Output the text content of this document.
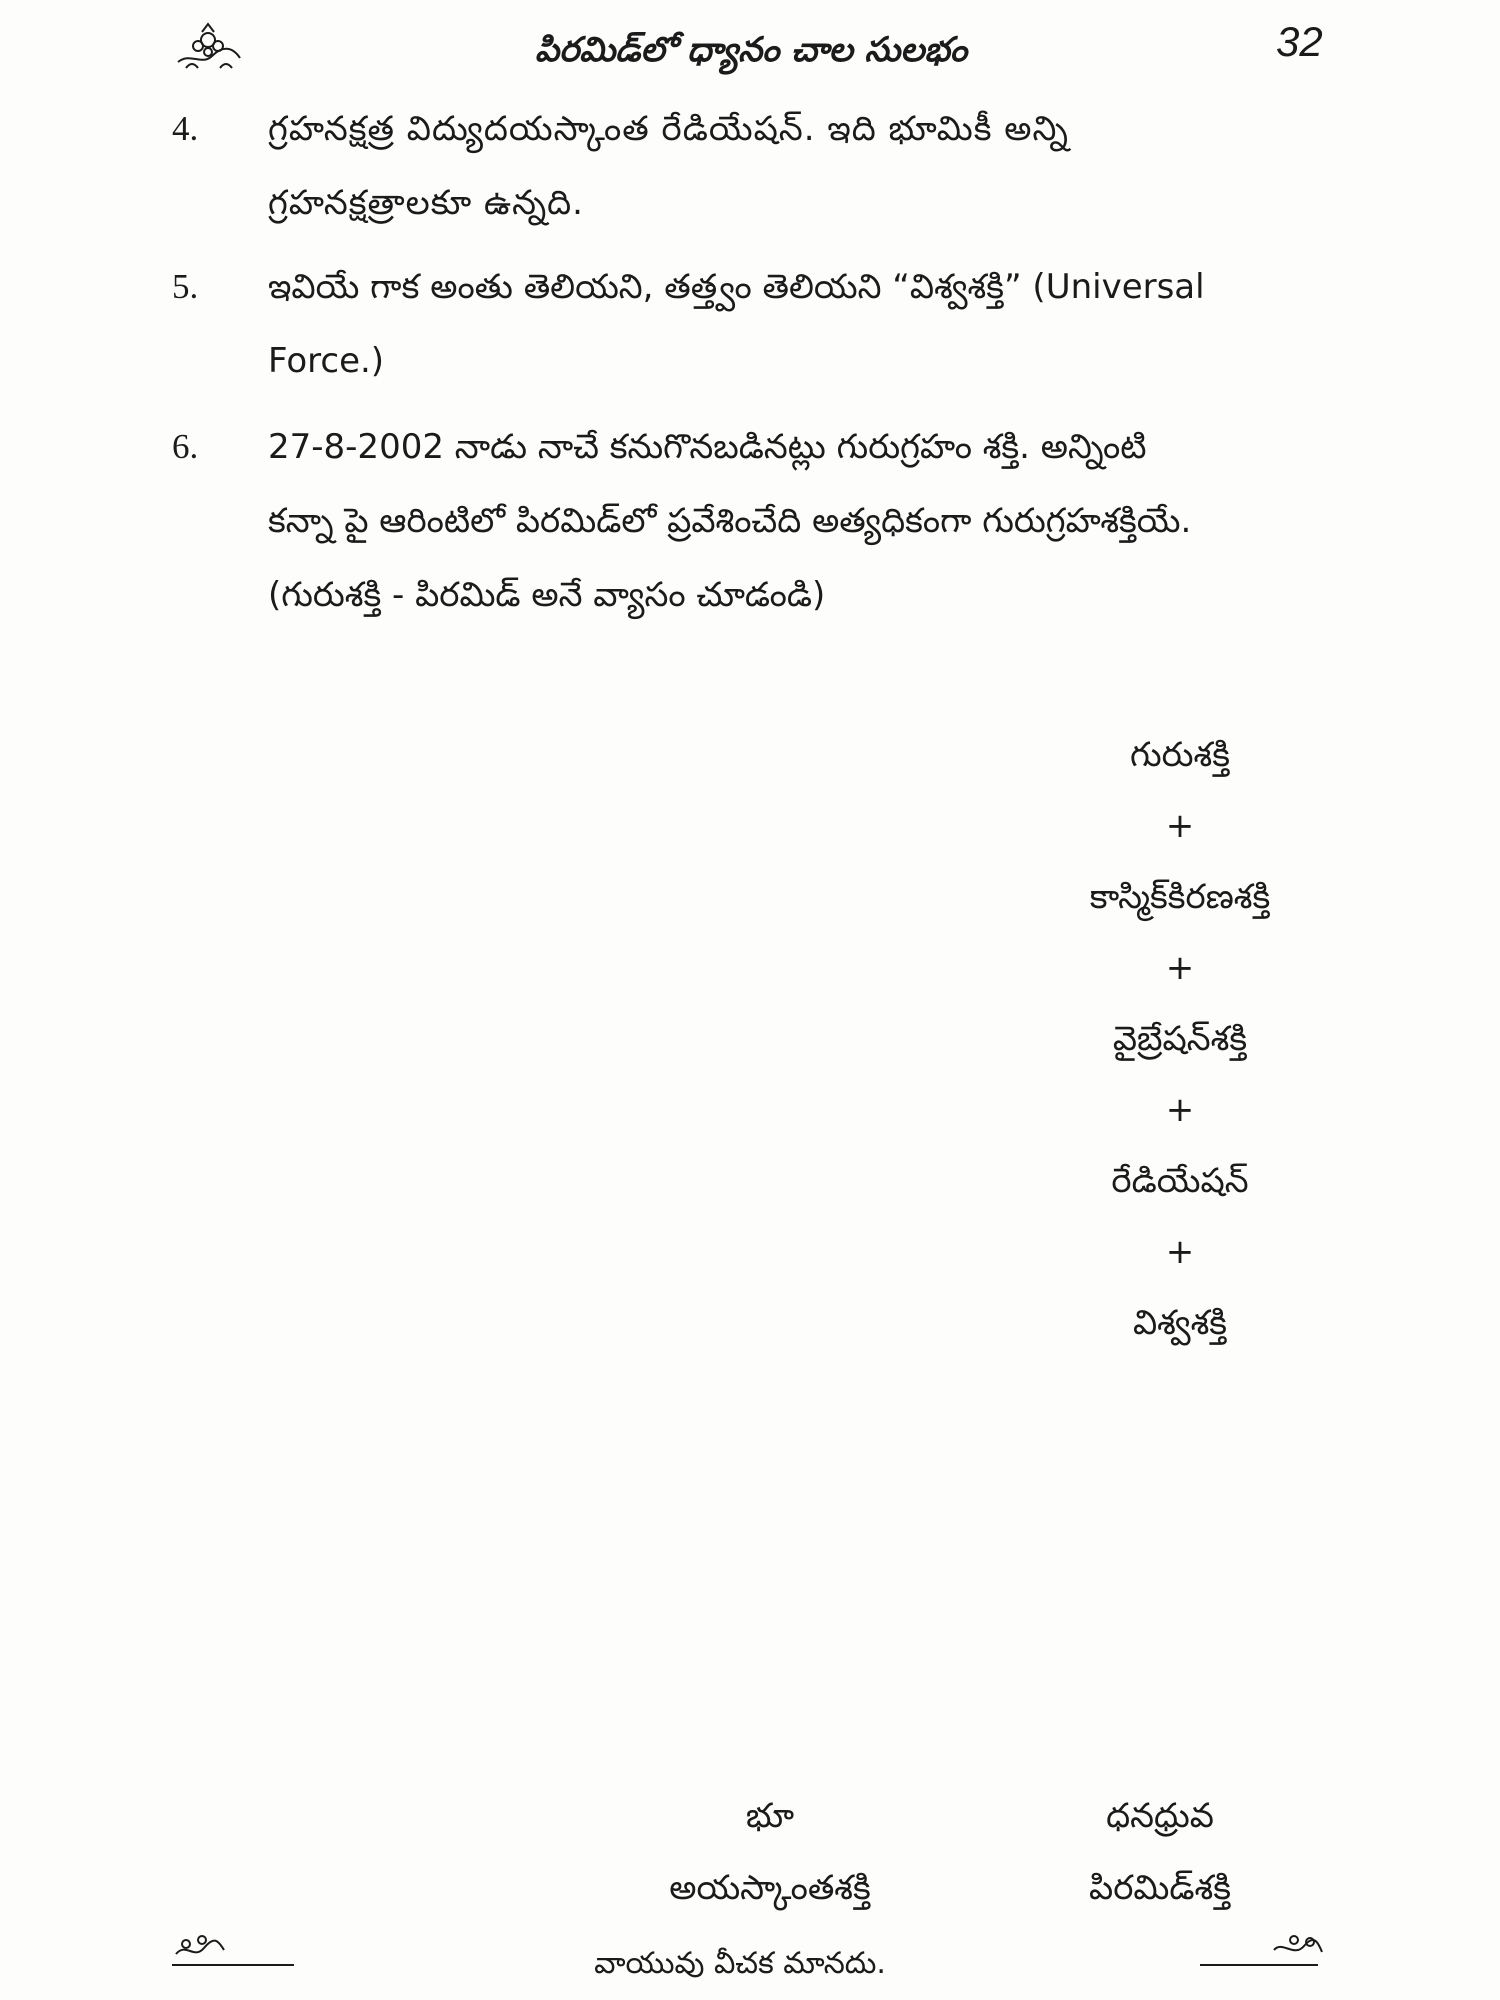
పిరమిడ్‌లో ధ్యానం చాల సులభం	32
4. గ్రహనక్షత్ర విద్యుదయస్కాంత రేడియేషన్. ఇది భూమికీ అన్ని
గ్రహనక్షత్రాలకూ ఉన్నది.
5. ఇవియే గాక అంతు తెలియని, తత్త్వం తెలియని “విశ్వశక్తి” (Universal
Force.)
6. 27-8-2002 నాడు నాచే కనుగొనబడినట్లు గురుగ్రహం శక్తి. అన్నింటి
కన్నా పై ఆరింటిలో పిరమిడ్‌లో ప్రవేశించేది అత్యధికంగా గురుగ్రహశక్తియే.
(గురుశక్తి - పిరమిడ్ అనే వ్యాసం చూడండి)
గురుశక్తి
+
కాస్మిక్‌కిరణశక్తి
+
వైబ్రేషన్‌శక్తి
+
రేడియేషన్
+
విశ్వశక్తి
భూ
అయస్కాంతశక్తి
ధనధ్రువ
పిరమిడ్‌శక్తి
వాయువు వీచక మానదు.
